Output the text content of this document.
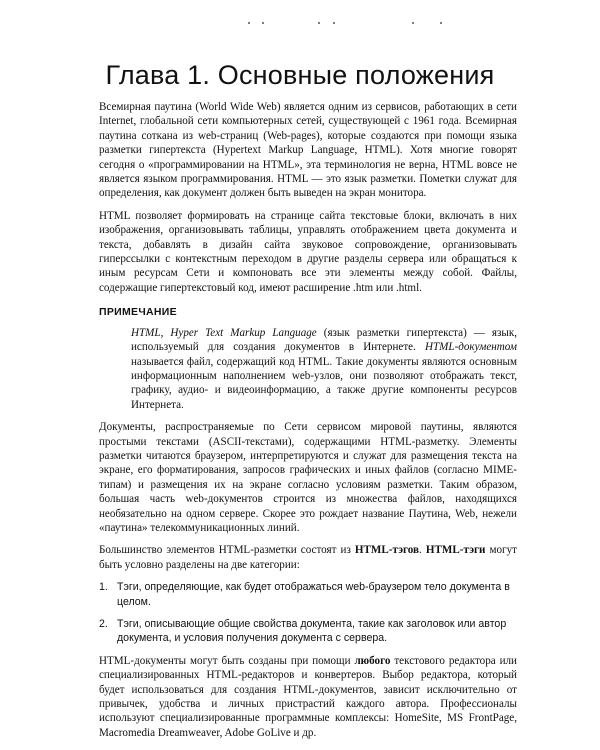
Глава 1. Основные положения

Всемирная паутина (World Wide Web) является одним из сервисов, работающих в сети Internet, глобальной сети компьютерных сетей, существующей с 1961 года. Всемирная паутина соткана из web-страниц (Web-pages), которые создаются при помощи языка разметки гипертекста (Hypertext Markup Language, HTML). Хотя многие говорят сегодня о «программировании на HTML», эта терминология не верна, HTML вовсе не является языком программирования. HTML — это язык разметки. Пометки служат для определения, как документ должен быть выведен на экран монитора.

HTML позволяет формировать на странице сайта текстовые блоки, включать в них изображения, организовывать таблицы, управлять отображением цвета документа и текста, добавлять в дизайн сайта звуковое сопровождение, организовывать гиперссылки с контекстным переходом в другие разделы сервера или обращаться к иным ресурсам Сети и компоновать все эти элементы между собой. Файлы, содержащие гипертекстовый код, имеют расширение .htm или .html.

ПРИМЕЧАНИЕ

HTML, Hyper Text Markup Language (язык разметки гипертекста) — язык, используемый для создания документов в Интернете. HTML-документом называется файл, содержащий код HTML. Такие документы являются основным информационным наполнением web-узлов, они позволяют отображать текст, графику, аудио- и видеоинформацию, а также другие компоненты ресурсов Интернета.

Документы, распространяемые по Сети сервисом мировой паутины, являются простыми текстами (ASCII-текстами), содержащими HTML-разметку. Элементы разметки читаются браузером, интерпретируются и служат для размещения текста на экране, его форматирования, запросов графических и иных файлов (согласно MIME-типам) и размещения их на экране согласно условиям разметки. Таким образом, большая часть web-документов строится из множества файлов, находящихся необязательно на одном сервере. Скорее это рождает название Паутина, Web, нежели «паутина» телекоммуникационных линий.

Большинство элементов HTML-разметки состоят из HTML-тэгов. HTML-тэги могут быть условно разделены на две категории:

1. Тэги, определяющие, как будет отображаться web-браузером тело документа в целом.
2. Тэги, описывающие общие свойства документа, такие как заголовок или автор документа, и условия получения документа с сервера.

HTML-документы могут быть созданы при помощи любого текстового редактора или специализированных HTML-редакторов и конвертеров. Выбор редактора, который будет использоваться для создания HTML-документов, зависит исключительно от привычек, удобства и личных пристрастий каждого автора. Профессионалы используют специализированные программные комплексы: HomeSite, MS FrontPage, Macromedia Dreamweaver, Adobe GoLive и др.
